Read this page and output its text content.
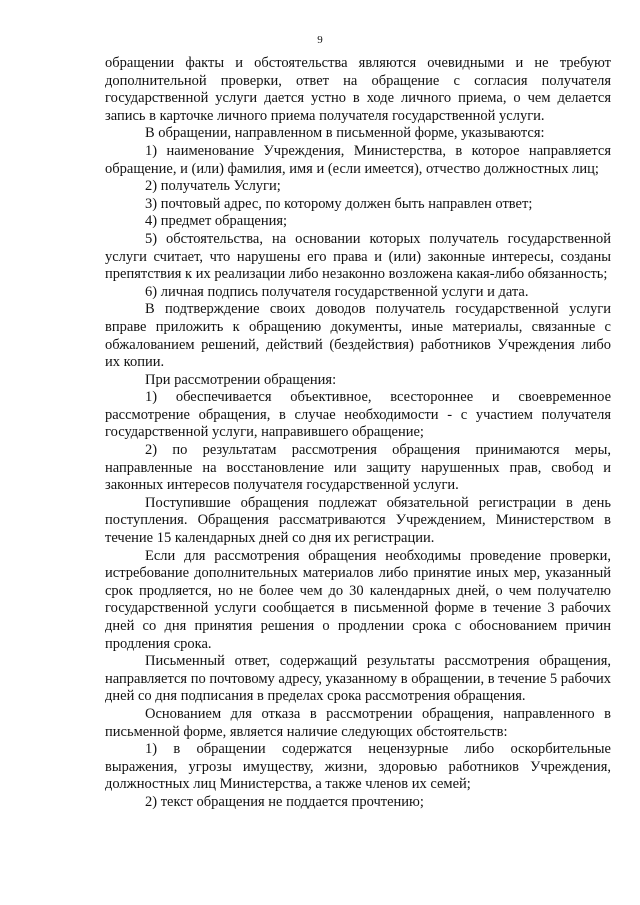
9

обращении факты и обстоятельства являются очевидными и не требуют дополнительной проверки, ответ на обращение с согласия получателя государственной услуги дается устно в ходе личного приема, о чем делается запись в карточке личного приема получателя государственной услуги.

В обращении, направленном в письменной форме, указываются:

1) наименование Учреждения, Министерства, в которое направляется обращение, и (или) фамилия, имя и (если имеется), отчество должностных лиц;

2) получатель Услуги;

3) почтовый адрес, по которому должен быть направлен ответ;

4) предмет обращения;

5) обстоятельства, на основании которых получатель государственной услуги считает, что нарушены его права и (или) законные интересы, созданы препятствия к их реализации либо незаконно возложена какая-либо обязанность;

6) личная подпись получателя государственной услуги и дата.

В подтверждение своих доводов получатель государственной услуги вправе приложить к обращению документы, иные материалы, связанные с обжалованием решений, действий (бездействия) работников Учреждения либо их копии.

При рассмотрении обращения:

1) обеспечивается объективное, всестороннее и своевременное рассмотрение обращения, в случае необходимости - с участием получателя государственной услуги, направившего обращение;

2) по результатам рассмотрения обращения принимаются меры, направленные на восстановление или защиту нарушенных прав, свобод и законных интересов получателя государственной услуги.

Поступившие обращения подлежат обязательной регистрации в день поступления. Обращения рассматриваются Учреждением, Министерством в течение 15 календарных дней со дня их регистрации.

Если для рассмотрения обращения необходимы проведение проверки, истребование дополнительных материалов либо принятие иных мер, указанный срок продляется, но не более чем до 30 календарных дней, о чем получателю государственной услуги сообщается в письменной форме в течение 3 рабочих дней со дня принятия решения о продлении срока с обоснованием причин продления срока.

Письменный ответ, содержащий результаты рассмотрения обращения, направляется по почтовому адресу, указанному в обращении, в течение 5 рабочих дней со дня подписания в пределах срока рассмотрения обращения.

Основанием для отказа в рассмотрении обращения, направленного в письменной форме, является наличие следующих обстоятельств:

1) в обращении содержатся нецензурные либо оскорбительные выражения, угрозы имуществу, жизни, здоровью работников Учреждения, должностных лиц Министерства, а также членов их семей;

2) текст обращения не поддается прочтению;
